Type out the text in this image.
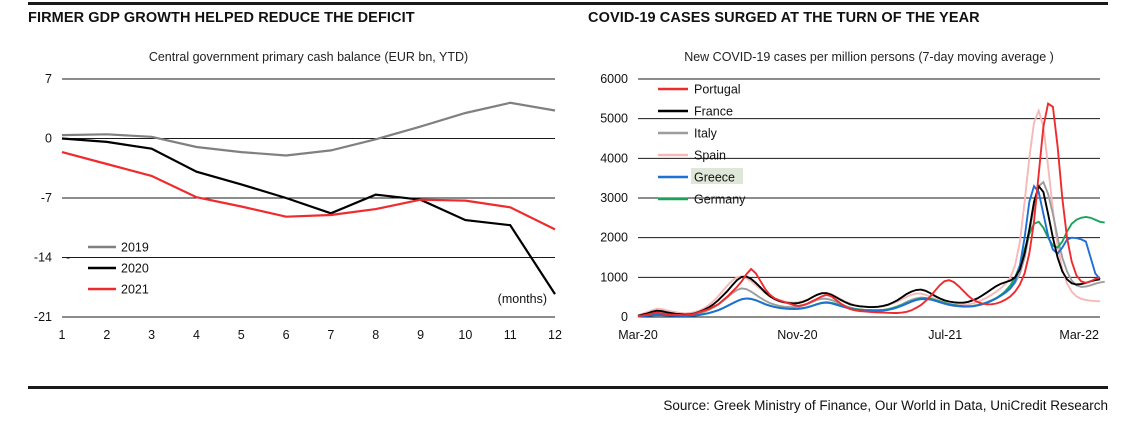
FIRMER GDP GROWTH HELPED REDUCE THE DEFICIT	COVID-19 CASES SURGED AT THE TURN OF THE YEAR
Central government primary cash balance (EUR bn, YTD)
7
0
-7
-14
-21
-
1	2	3	4	5	6	7	8	9	10	11	12
(months)
2019
2020
2021
New COVID-19 cases per million persons (7-day moving average )
0
1000
2000
3000
4000
5000
6000
Mar-20	Nov-20	Jul-21	Mar-22
Portugal
France
Italy
Spain
Greece
Germany
Source: Greek Ministry of Finance, Our World in Data, UniCredit Research
